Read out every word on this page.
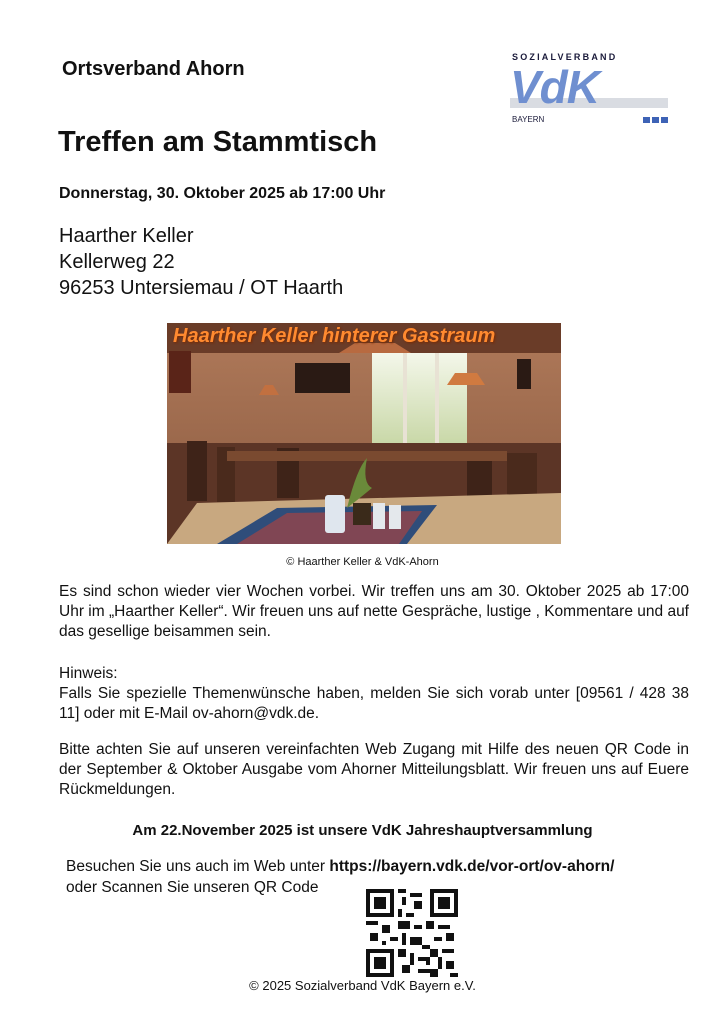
Ortsverband Ahorn
SOZIALVERBAND
VdK
BAYERN
Treffen am Stammtisch
Donnerstag, 30. Oktober 2025 ab 17:00 Uhr
Haarther Keller
Kellerweg 22
96253 Untersiemau / OT Haarth
Haarther Keller hinterer Gastraum
© Haarther Keller & VdK-Ahorn
Es sind schon wieder vier Wochen vorbei. Wir treffen uns am 30. Oktober 2025 ab 17:00 Uhr im „Haarther Keller“. Wir freuen uns auf nette Gespräche, lustige , Kommentare und auf das gesellige beisammen sein.
Hinweis:
Falls Sie spezielle Themenwünsche haben, melden Sie sich vorab unter [09561 / 428 38 11] oder mit E-Mail ov-ahorn@vdk.de.
Bitte achten Sie auf unseren vereinfachten Web Zugang mit Hilfe des neuen QR Code in der September & Oktober Ausgabe vom Ahorner Mitteilungsblatt. Wir freuen uns auf Euere Rückmeldungen.
Am 22.November 2025 ist unsere VdK Jahreshauptversammlung
Besuchen Sie uns auch im Web unter https://bayern.vdk.de/vor-ort/ov-ahorn/
oder Scannen Sie unseren QR Code
© 2025 Sozialverband VdK Bayern e.V.
